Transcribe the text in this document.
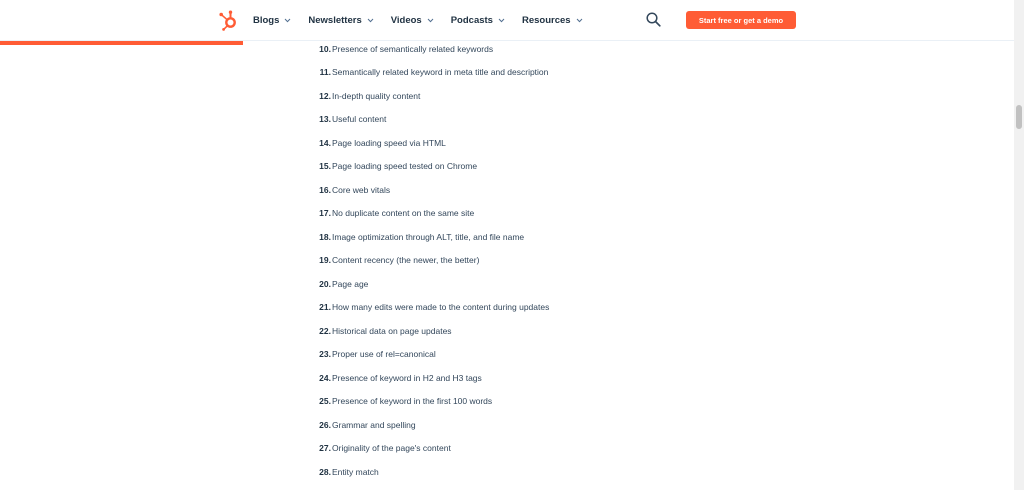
Blogs	Newsletters	Videos	Podcasts	Resources	Start free or get a demo
10. Presence of semantically related keywords
11. Semantically related keyword in meta title and description
12. In-depth quality content
13. Useful content
14. Page loading speed via HTML
15. Page loading speed tested on Chrome
16. Core web vitals
17. No duplicate content on the same site
18. Image optimization through ALT, title, and file name
19. Content recency (the newer, the better)
20. Page age
21. How many edits were made to the content during updates
22. Historical data on page updates
23. Proper use of rel=canonical
24. Presence of keyword in H2 and H3 tags
25. Presence of keyword in the first 100 words
26. Grammar and spelling
27. Originality of the page's content
28. Entity match
